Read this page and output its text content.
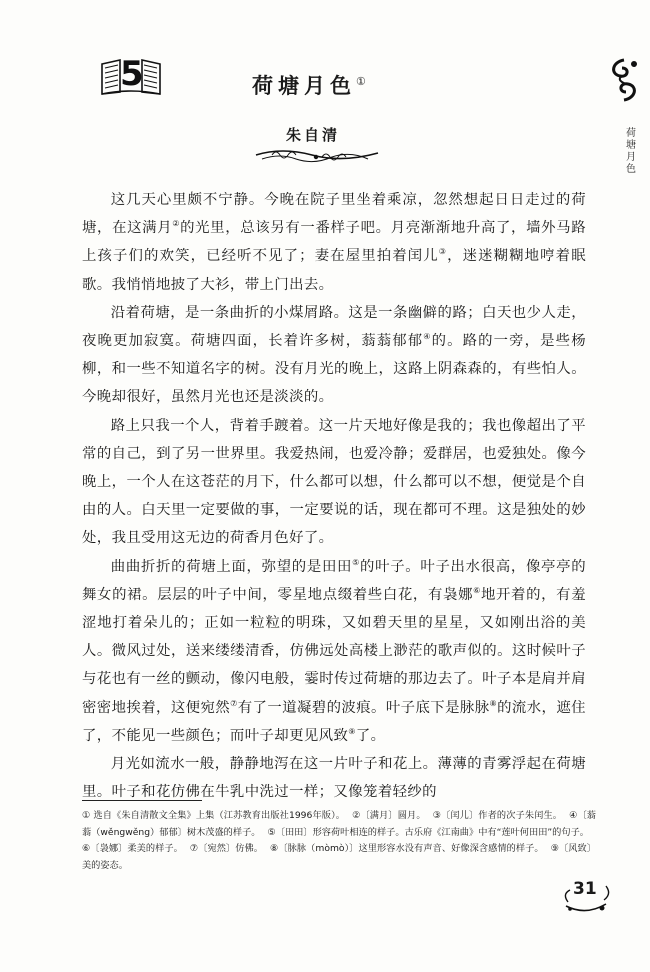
5	荷塘月色①
朱自清	荷塘月色

这几天心里颇不宁静。今晚在院子里坐着乘凉，忽然想起日日走过的荷塘，在这满月②的光里，总该另有一番样子吧。月亮渐渐地升高了，墙外马路上孩子们的欢笑，已经听不见了；妻在屋里拍着闰儿③，迷迷糊糊地哼着眠歌。我悄悄地披了大衫，带上门出去。

沿着荷塘，是一条曲折的小煤屑路。这是一条幽僻的路；白天也少人走，夜晚更加寂寞。荷塘四面，长着许多树，蓊蓊郁郁④的。路的一旁，是些杨柳，和一些不知道名字的树。没有月光的晚上，这路上阴森森的，有些怕人。今晚却很好，虽然月光也还是淡淡的。

路上只我一个人，背着手踱着。这一片天地好像是我的；我也像超出了平常的自己，到了另一世界里。我爱热闹，也爱冷静；爱群居，也爱独处。像今晚上，一个人在这苍茫的月下，什么都可以想，什么都可以不想，便觉是个自由的人。白天里一定要做的事，一定要说的话，现在都可不理。这是独处的妙处，我且受用这无边的荷香月色好了。

曲曲折折的荷塘上面，弥望的是田田⑤的叶子。叶子出水很高，像亭亭的舞女的裙。层层的叶子中间，零星地点缀着些白花，有袅娜⑥地开着的，有羞涩地打着朵儿的；正如一粒粒的明珠，又如碧天里的星星，又如刚出浴的美人。微风过处，送来缕缕清香，仿佛远处高楼上渺茫的歌声似的。这时候叶子与花也有一丝的颤动，像闪电般，霎时传过荷塘的那边去了。叶子本是肩并肩密密地挨着，这便宛然⑦有了一道凝碧的波痕。叶子底下是脉脉⑧的流水，遮住了，不能见一些颜色；而叶子却更见风致⑨了。

月光如流水一般，静静地泻在这一片叶子和花上。薄薄的青雾浮起在荷塘里。叶子和花仿佛在牛乳中洗过一样；又像笼着轻纱的

① 选自《朱自清散文全集》上集（江苏教育出版社1996年版）。 ②〔满月〕圆月。 ③〔闰儿〕作者的次子朱闰生。 ④〔蓊蓊（wěngwěng）郁郁〕树木茂盛的样子。 ⑤〔田田〕形容荷叶相连的样子。古乐府《江南曲》中有“莲叶何田田”的句子。⑥〔袅娜〕柔美的样子。 ⑦〔宛然〕仿佛。 ⑧〔脉脉（mòmò）〕这里形容水没有声音、好像深含感情的样子。 ⑨〔风致〕美的姿态。
31
